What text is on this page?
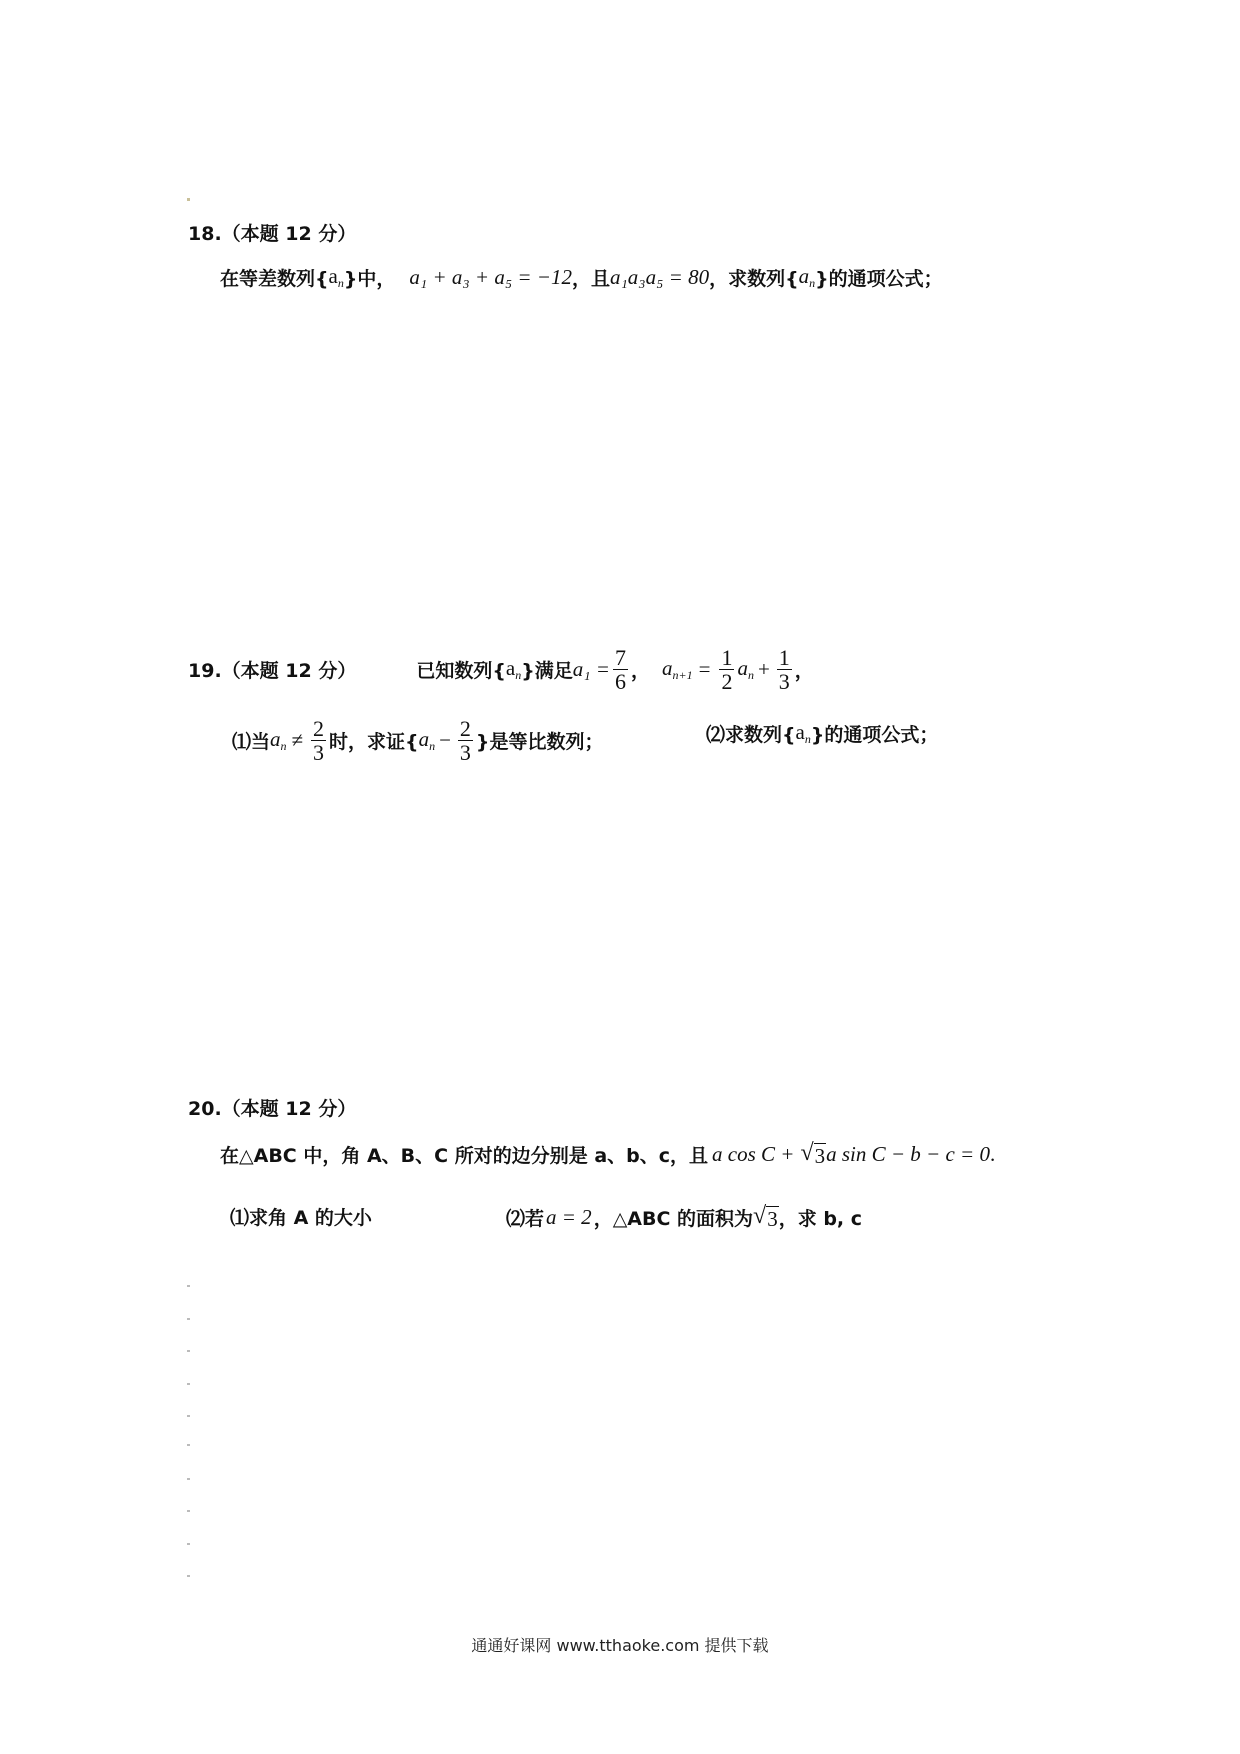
18.（本题 12 分）
在等差数列{ $a_n$ }中， a₁ + a₃ + a₅ = −12 ，且 a₁a₃a₅ = 80 ，求数列{ $a_n$ }的通项公式；
19.（本题 12 分）	已知数列{ $a_n$ }满足 $a_1 = \frac{7}{6}$ ， $a_{n+1} = \frac{1}{2} a_n + \frac{1}{3}$ ，
⑴当 $a_n \ne \frac{2}{3}$ 时，求证{ $a_n - \frac{2}{3}$ }是等比数列；	⑵求数列{ $a_n$ }的通项公式；
20.（本题 12 分）
在△ABC 中，角 A、B、C 所对的边分别是 a、b、c，且 a cos C + √ 3 a sin C − b − c = 0 .
⑴求角 A 的大小	⑵若 a = 2 ，△ABC 的面积为 √ 3 ，求 b, c
通通好课网 www.tthaoke.com 提供下载
